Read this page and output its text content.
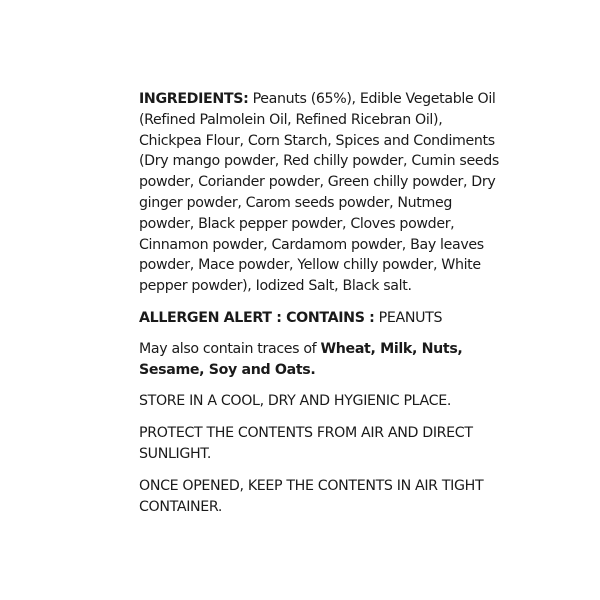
INGREDIENTS: Peanuts (65%), Edible Vegetable Oil (Refined Palmolein Oil, Refined Ricebran Oil), Chickpea Flour, Corn Starch, Spices and Condiments (Dry mango powder, Red chilly powder, Cumin seeds powder, Coriander powder, Green chilly powder, Dry ginger powder, Carom seeds powder, Nutmeg powder, Black pepper powder, Cloves powder, Cinnamon powder, Cardamom powder, Bay leaves powder, Mace powder, Yellow chilly powder, White pepper powder), Iodized Salt, Black salt.

ALLERGEN ALERT : CONTAINS : PEANUTS

May also contain traces of Wheat, Milk, Nuts, Sesame, Soy and Oats.

STORE IN A COOL, DRY AND HYGIENIC PLACE.

PROTECT THE CONTENTS FROM AIR AND DIRECT SUNLIGHT.

ONCE OPENED, KEEP THE CONTENTS IN AIR TIGHT CONTAINER.
